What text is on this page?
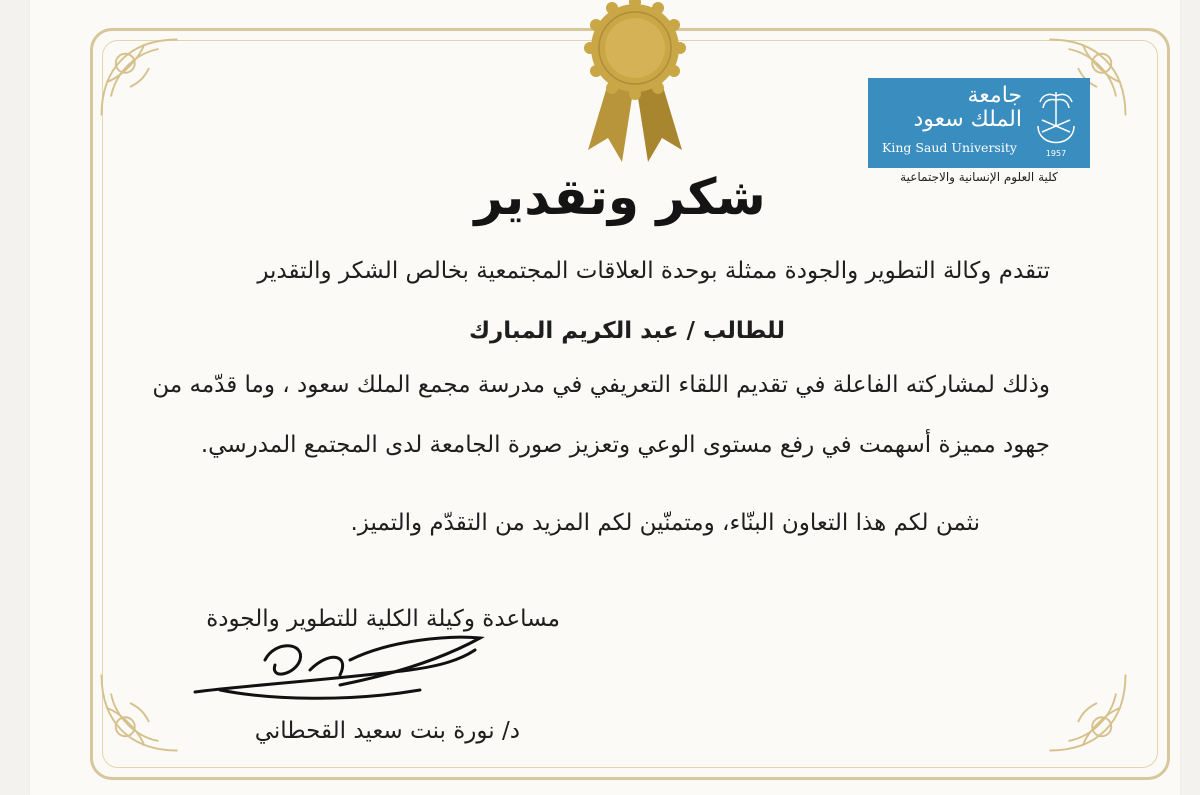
جامعة
الملك سعود
King Saud University	1957
كلية العلوم الإنسانية والاجتماعية
شكر وتقدير
تتقدم وكالة التطوير والجودة ممثلة بوحدة العلاقات المجتمعية بخالص الشكر والتقدير
للطالب / عبد الكريم المبارك
وذلك لمشاركته الفاعلة في تقديم اللقاء التعريفي في مدرسة مجمع الملك سعود ، وما قدّمه من
جهود مميزة أسهمت في رفع مستوى الوعي وتعزيز صورة الجامعة لدى المجتمع المدرسي.
نثمن لكم هذا التعاون البنّاء، ومتمنّين لكم المزيد من التقدّم والتميز.
مساعدة وكيلة الكلية للتطوير والجودة
د/ نورة بنت سعيد القحطاني
